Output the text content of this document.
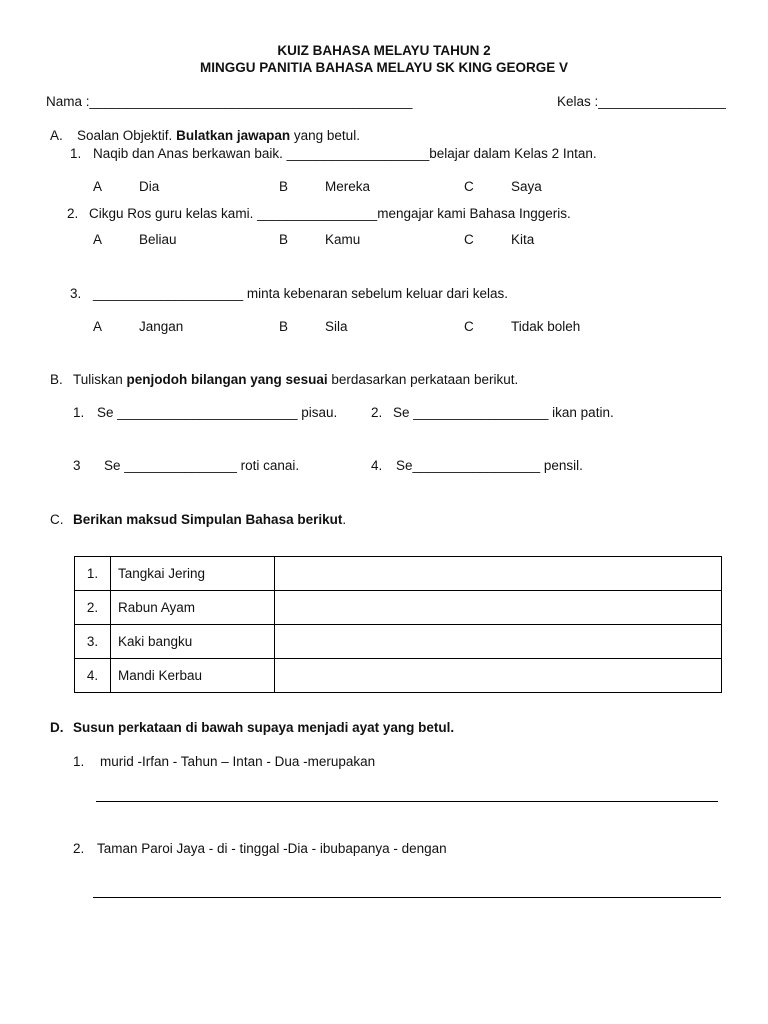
KUIZ BAHASA MELAYU TAHUN 2
MINGGU PANITIA BAHASA MELAYU SK KING GEORGE V
Nama :___________________________________________	Kelas :_________________
A. Soalan Objektif. Bulatkan jawapan yang betul.
1. Naqib dan Anas berkawan baik. ___________________belajar dalam Kelas 2 Intan.
A	Dia	B	Mereka	C	Saya
2. Cikgu Ros guru kelas kami. ________________mengajar kami Bahasa Inggeris.
A	Beliau	B	Kamu	C	Kita
3. ____________________ minta kebenaran sebelum keluar dari kelas.
A	Jangan	B	Sila	C	Tidak boleh
B. Tuliskan penjodoh bilangan yang sesuai berdasarkan perkataan berikut.
1. Se ________________________ pisau.	2. Se __________________ ikan patin.
3 Se _______________ roti canai.	4. Se_________________ pensil.
C. Berikan maksud Simpulan Bahasa berikut.
1.	Tangkai Jering	
2.	Rabun Ayam	
3.	Kaki bangku	
4.	Mandi Kerbau	
D. Susun perkataan di bawah supaya menjadi ayat yang betul.
1. murid -Irfan - Tahun – Intan - Dua -merupakan
2. Taman Paroi Jaya - di - tinggal -Dia - ibubapanya - dengan
